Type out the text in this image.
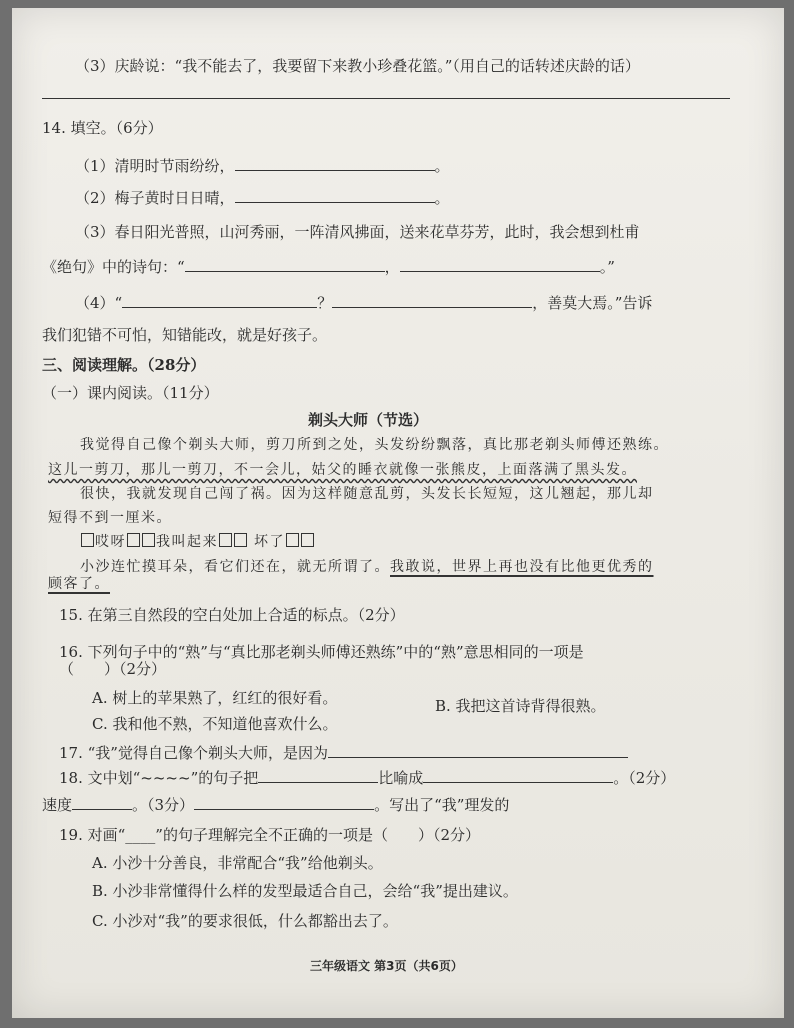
（3）庆龄说：“我不能去了，我要留下来教小珍叠花篮。”（用自己的话转述庆龄的话）
14. 填空。（6分）
（1）清明时节雨纷纷，	。
（2）梅子黄时日日晴，	。
（3）春日阳光普照，山河秀丽，一阵清风拂面，送来花草芬芳，此时，我会想到杜甫
《绝句》中的诗句：“	，	。”
（4）“	？	，善莫大焉。”告诉
我们犯错不可怕，知错能改，就是好孩子。
三、阅读理解。（28分）
（一）课内阅读。（11分）
剃头大师（节选）
我觉得自己像个剃头大师，剪刀所到之处，头发纷纷飘落，真比那老剃头师傅还熟练。
这儿一剪刀，那儿一剪刀，不一会儿，姑父的睡衣就像一张熊皮，上面落满了黑头发。
很快，我就发现自己闯了祸。因为这样随意乱剪，头发长长短短，这儿翘起，那儿却
短得不到一厘米。
哎呀 我叫起来	坏了
小沙连忙摸耳朵，看它们还在，就无所谓了。我敢说，世界上再也没有比他更优秀的
顾客了。
15. 在第三自然段的空白处加上合适的标点。（2分）
16. 下列句子中的“熟”与“真比那老剃头师傅还熟练”中的“熟”意思相同的一项是
（　　）（2分）
A. 树上的苹果熟了，红红的很好看。	B. 我把这首诗背得很熟。
C. 我和他不熟，不知道他喜欢什么。
17. “我”觉得自己像个剃头大师，是因为
18. 文中划“~~~~”的句子把	比喻成	。（2分）
速度	。（3分）	。写出了“我”理发的
19. 对画“____”的句子理解完全不正确的一项是（　　）（2分）
A. 小沙十分善良，非常配合“我”给他剃头。
B. 小沙非常懂得什么样的发型最适合自己，会给“我”提出建议。
C. 小沙对“我”的要求很低，什么都豁出去了。
三年级语文 第3页（共6页）
